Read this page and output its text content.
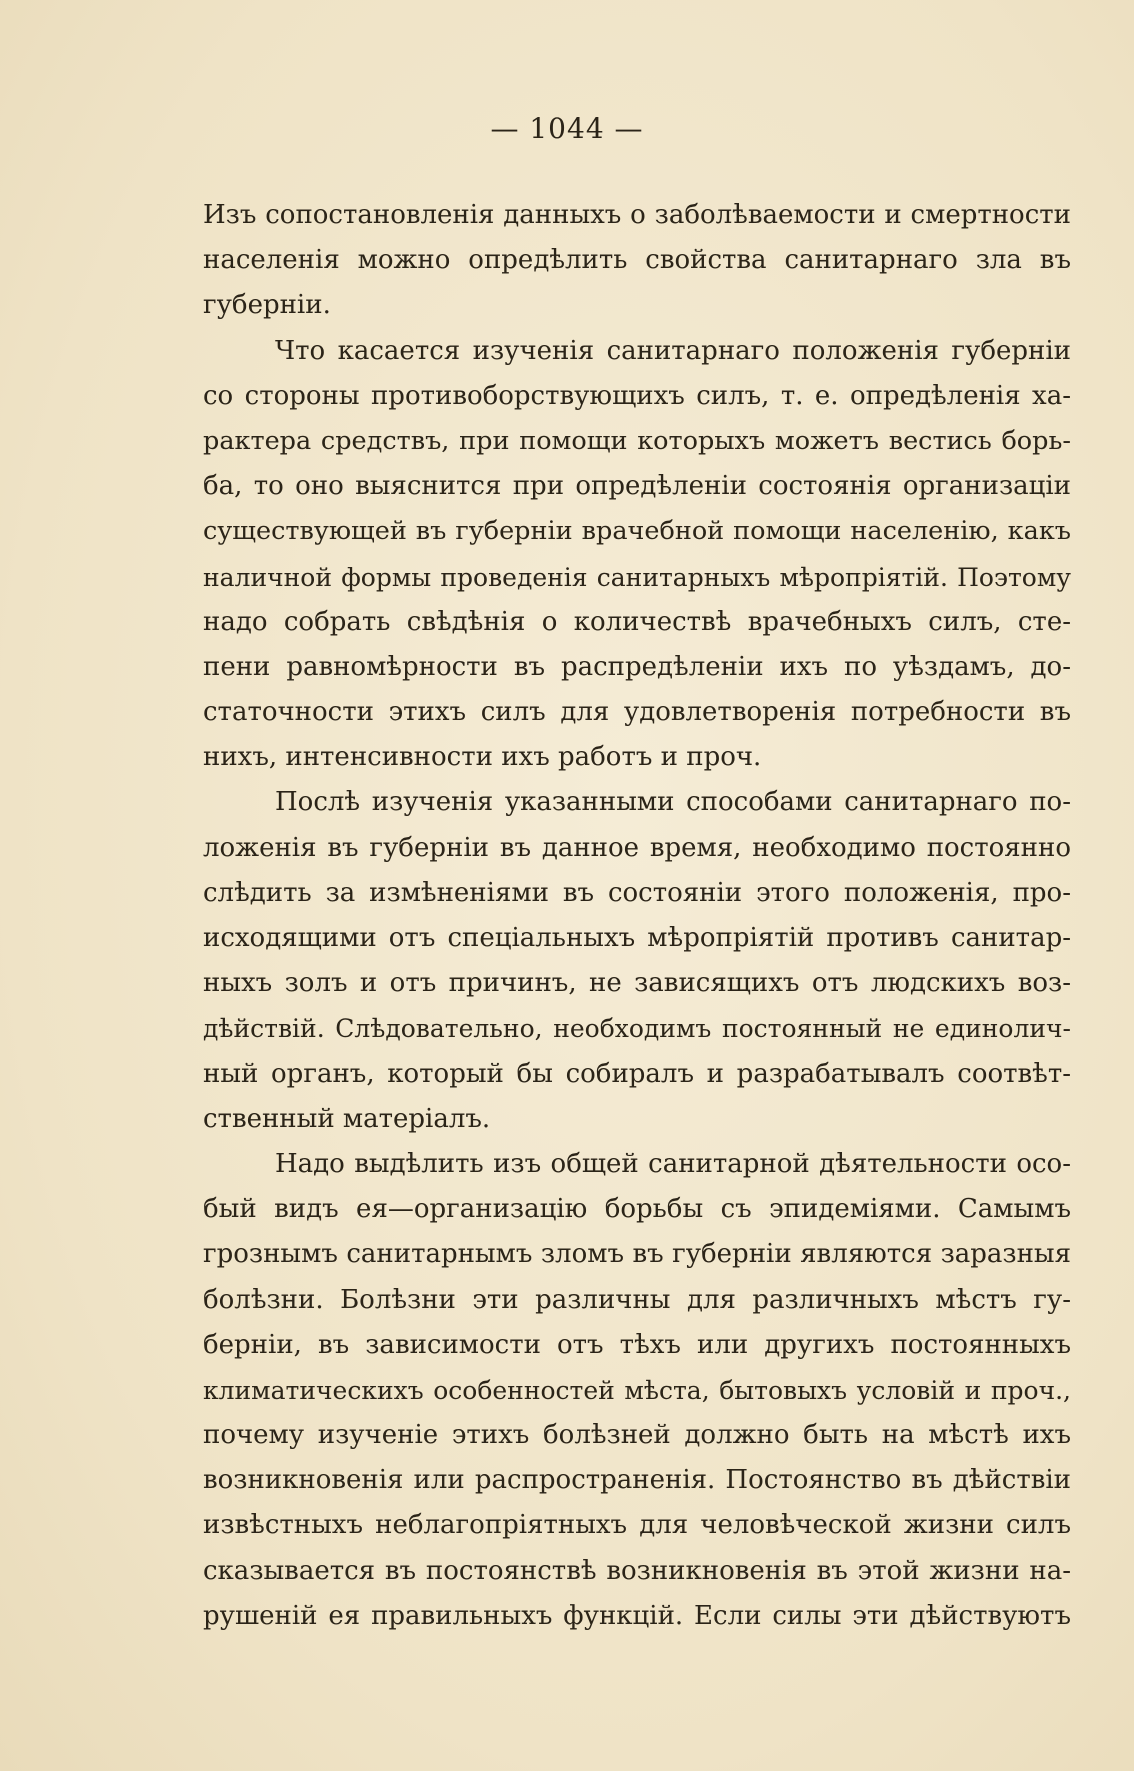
— 1044 —
Изъ сопостановленія данныхъ о заболѣваемости и смертности
населенія можно опредѣлить свойства санитарнаго зла въ
губерніи.
Что касается изученія санитарнаго положенія губерніи
со стороны противоборствующихъ силъ, т. е. опредѣленія ха-
рактера средствъ, при помощи которыхъ можетъ вестись борь-
ба, то оно выяснится при опредѣленіи состоянія организаціи
существующей въ губерніи врачебной помощи населенію, какъ
наличной формы проведенія санитарныхъ мѣропріятій. Поэтому
надо собрать свѣдѣнія о количествѣ врачебныхъ силъ, сте-
пени равномѣрности въ распредѣленіи ихъ по уѣздамъ, до-
статочности этихъ силъ для удовлетворенія потребности въ
нихъ, интенсивности ихъ работъ и проч.
Послѣ изученія указанными способами санитарнаго по-
ложенія въ губерніи въ данное время, необходимо постоянно
слѣдить за измѣненіями въ состояніи этого положенія, про-
исходящими отъ спеціальныхъ мѣропріятій противъ санитар-
ныхъ золъ и отъ причинъ, не зависящихъ отъ людскихъ воз-
дѣйствій. Слѣдовательно, необходимъ постоянный не единолич-
ный органъ, который бы собиралъ и разрабатывалъ соотвѣт-
ственный матеріалъ.
Надо выдѣлить изъ общей санитарной дѣятельности осо-
бый видъ ея—организацію борьбы съ эпидеміями. Самымъ
грознымъ санитарнымъ зломъ въ губерніи являются заразныя
болѣзни. Болѣзни эти различны для различныхъ мѣстъ гу-
берніи, въ зависимости отъ тѣхъ или другихъ постоянныхъ
климатическихъ особенностей мѣста, бытовыхъ условій и проч.,
почему изученіе этихъ болѣзней должно быть на мѣстѣ ихъ
возникновенія или распространенія. Постоянство въ дѣйствіи
извѣстныхъ неблагопріятныхъ для человѣческой жизни силъ
сказывается въ постоянствѣ возникновенія въ этой жизни на-
рушеній ея правильныхъ функцій. Если силы эти дѣйствуютъ
